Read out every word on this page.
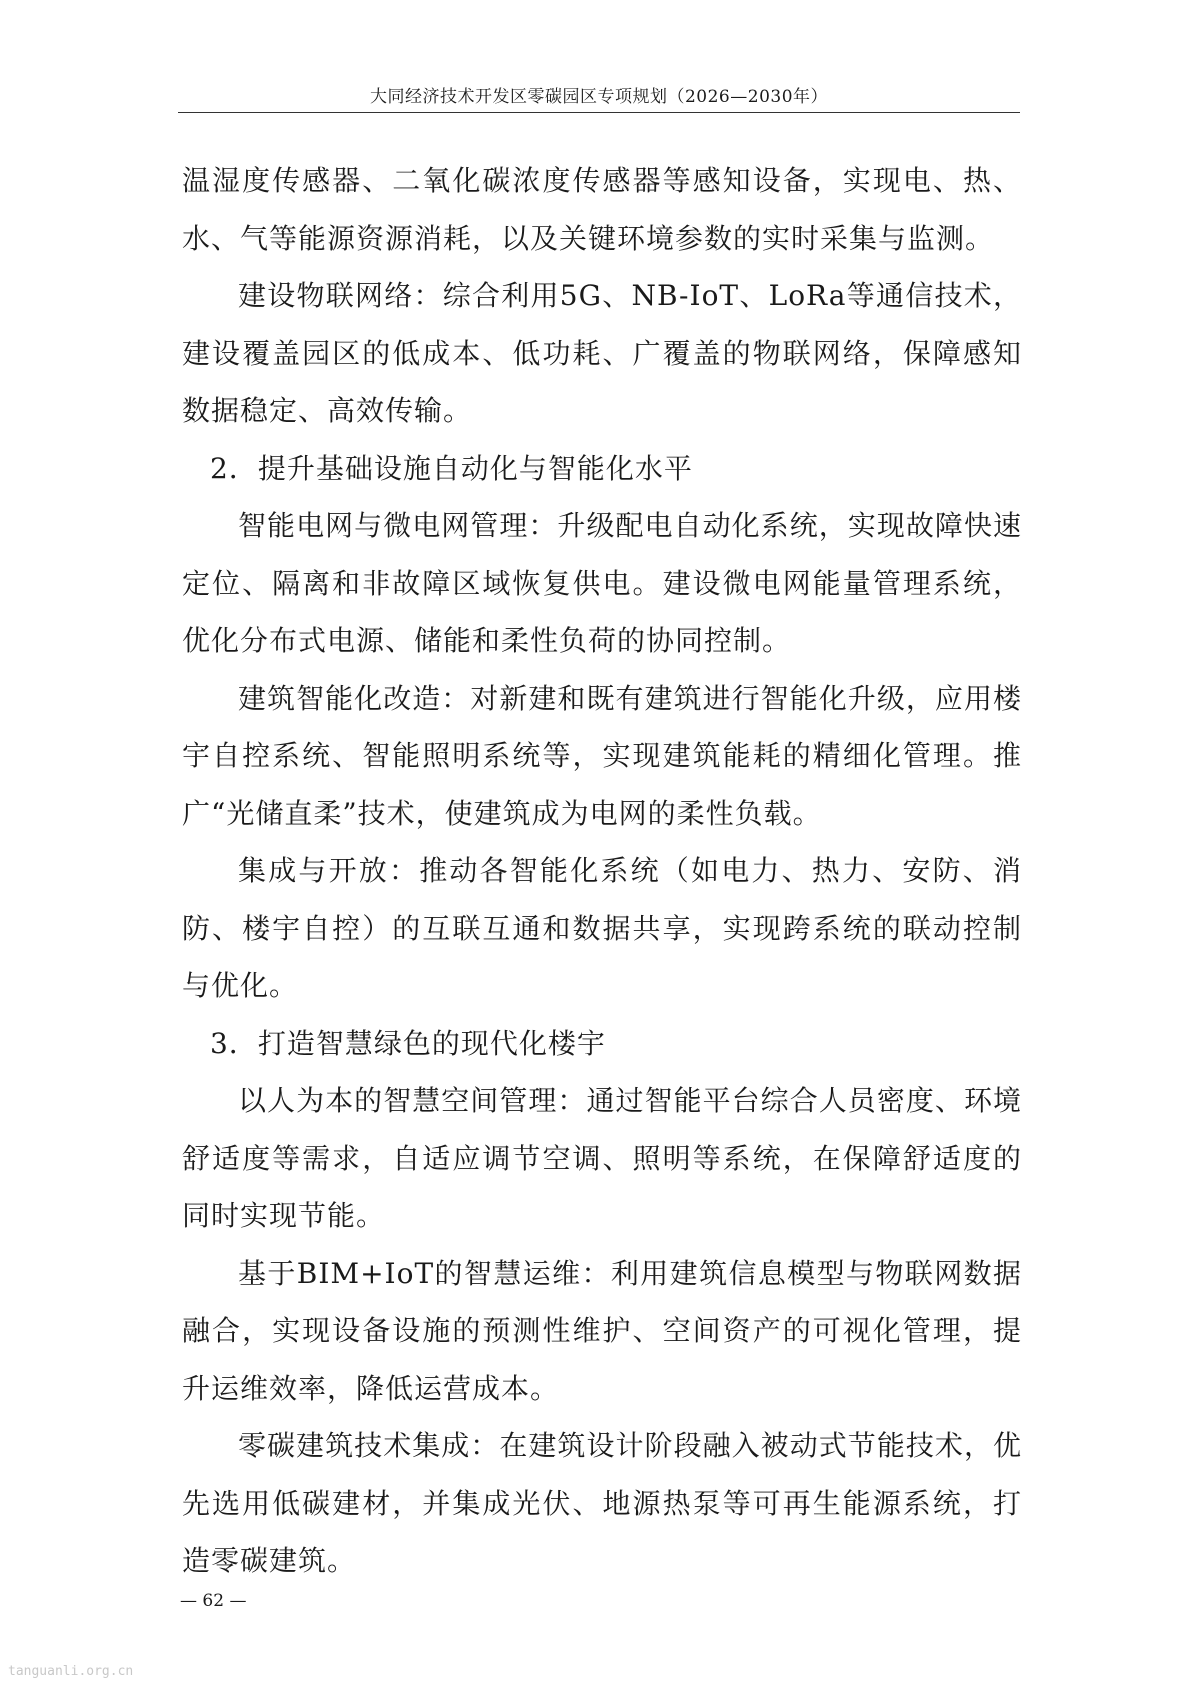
大同经济技术开发区零碳园区专项规划（2026—2030年）

温湿度传感器、二氧化碳浓度传感器等感知设备，实现电、热、水、气等能源资源消耗，以及关键环境参数的实时采集与监测。

建设物联网络：综合利用5G、NB-IoT、LoRa等通信技术，建设覆盖园区的低成本、低功耗、广覆盖的物联网络，保障感知数据稳定、高效传输。

2．提升基础设施自动化与智能化水平

智能电网与微电网管理：升级配电自动化系统，实现故障快速定位、隔离和非故障区域恢复供电。建设微电网能量管理系统，优化分布式电源、储能和柔性负荷的协同控制。

建筑智能化改造：对新建和既有建筑进行智能化升级，应用楼宇自控系统、智能照明系统等，实现建筑能耗的精细化管理。推广“光储直柔”技术，使建筑成为电网的柔性负载。

集成与开放：推动各智能化系统（如电力、热力、安防、消防、楼宇自控）的互联互通和数据共享，实现跨系统的联动控制与优化。

3．打造智慧绿色的现代化楼宇

以人为本的智慧空间管理：通过智能平台综合人员密度、环境舒适度等需求，自适应调节空调、照明等系统，在保障舒适度的同时实现节能。

基于BIM+IoT的智慧运维：利用建筑信息模型与物联网数据融合，实现设备设施的预测性维护、空间资产的可视化管理，提升运维效率，降低运营成本。

零碳建筑技术集成：在建筑设计阶段融入被动式节能技术，优先选用低碳建材，并集成光伏、地源热泵等可再生能源系统，打造零碳建筑。

— 62 —
tanguanli.org.cn
